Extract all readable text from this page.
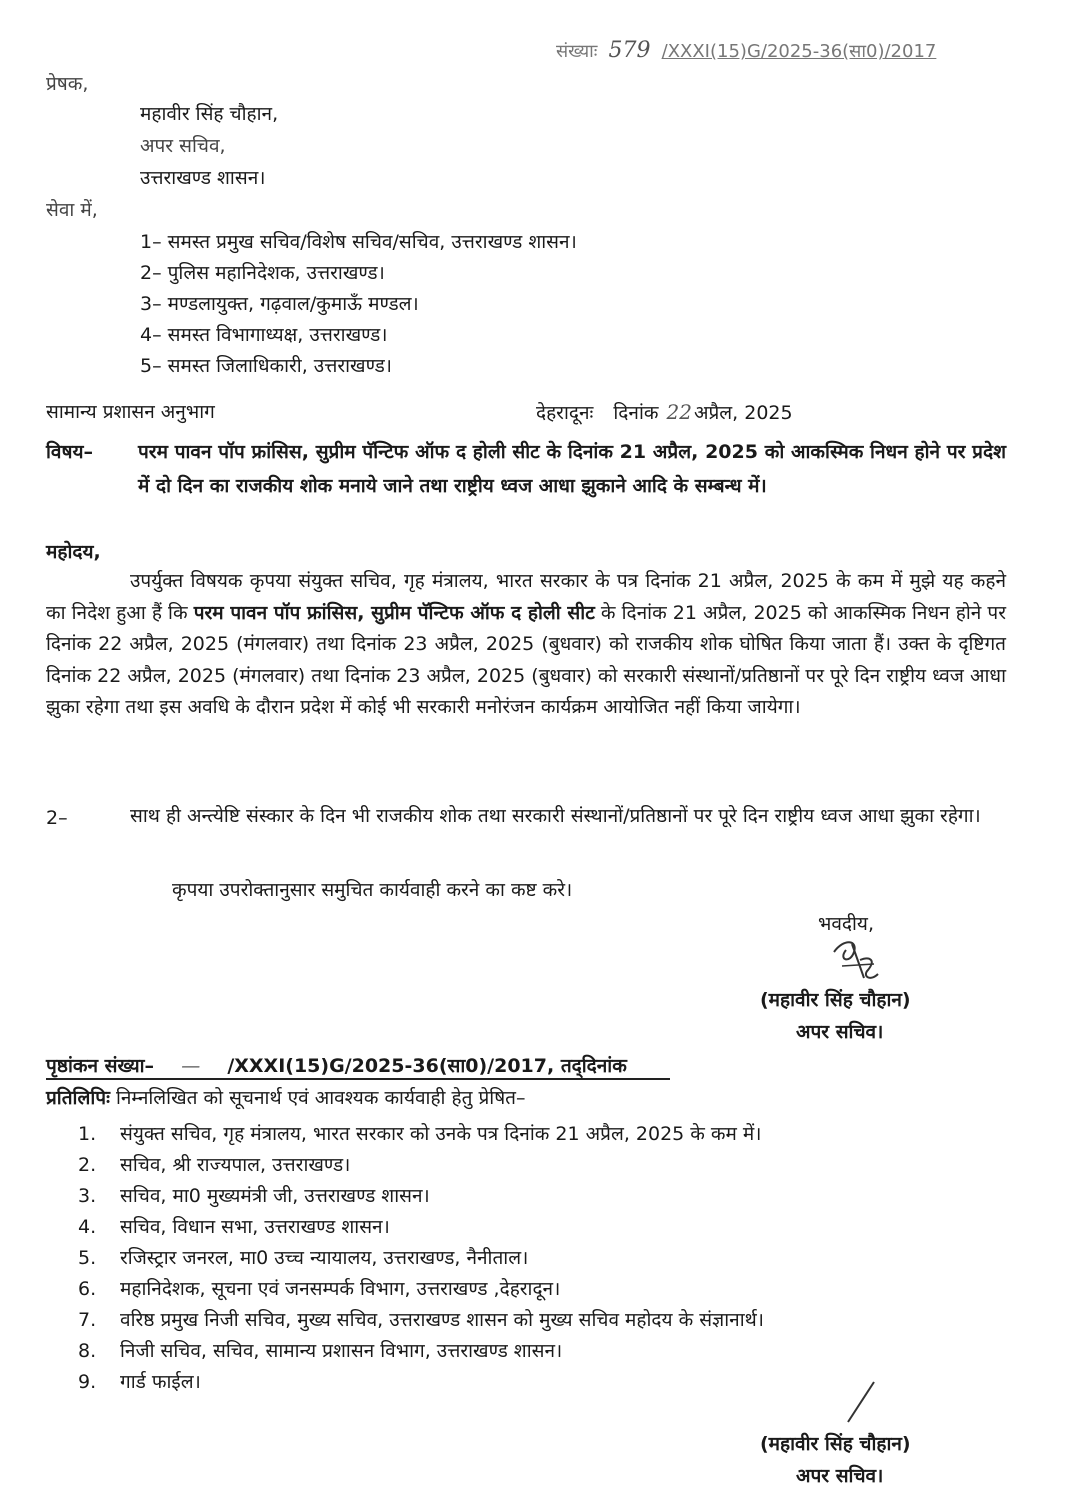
संख्याः 579 /XXXI(15)G/2025-36(सा0)/2017
प्रेषक,
महावीर सिंह चौहान,
अपर सचिव,
उत्तराखण्ड शासन।
सेवा में,
1– समस्त प्रमुख सचिव/विशेष सचिव/सचिव, उत्तराखण्ड शासन।
2– पुलिस महानिदेशक, उत्तराखण्ड।
3– मण्डलायुक्त, गढ़वाल/कुमाऊँ मण्डल।
4– समस्त विभागाध्यक्ष, उत्तराखण्ड।
5– समस्त जिलाधिकारी, उत्तराखण्ड।
सामान्य प्रशासन अनुभाग	देहरादूनः दिनांक 22 अप्रैल, 2025
विषय– परम पावन पॉप फ्रांसिस, सुप्रीम पॅन्टिफ ऑफ द होली सीट के दिनांक 21 अप्रैल, 2025 को आकस्मिक निधन होने पर प्रदेश में दो दिन का राजकीय शोक मनाये जाने तथा राष्ट्रीय ध्वज आधा झुकाने आदि के सम्बन्ध में।
महोदय,
उपर्युक्त विषयक कृपया संयुक्त सचिव, गृह मंत्रालय, भारत सरकार के पत्र दिनांक 21 अप्रैल, 2025 के कम में मुझे यह कहने का निदेश हुआ हैं कि परम पावन पॉप फ्रांसिस, सुप्रीम पॅन्टिफ ऑफ द होली सीट के दिनांक 21 अप्रैल, 2025 को आकस्मिक निधन होने पर दिनांक 22 अप्रैल, 2025 (मंगलवार) तथा दिनांक 23 अप्रैल, 2025 (बुधवार) को राजकीय शोक घोषित किया जाता हैं। उक्त के दृष्टिगत दिनांक 22 अप्रैल, 2025 (मंगलवार) तथा दिनांक 23 अप्रैल, 2025 (बुधवार) को सरकारी संस्थानों/प्रतिष्ठानों पर पूरे दिन राष्ट्रीय ध्वज आधा झुका रहेगा तथा इस अवधि के दौरान प्रदेश में कोई भी सरकारी मनोरंजन कार्यक्रम आयोजित नहीं किया जायेगा।
2–	साथ ही अन्त्येष्टि संस्कार के दिन भी राजकीय शोक तथा सरकारी संस्थानों/प्रतिष्ठानों पर पूरे दिन राष्ट्रीय ध्वज आधा झुका रहेगा।
कृपया उपरोक्तानुसार समुचित कार्यवाही करने का कष्ट करे।
भवदीय,
(महावीर सिंह चौहान)
अपर सचिव।
पृष्ठांकन संख्या– — /XXXI(15)G/2025-36(सा0)/2017, तद्‌दिनांक
प्रतिलिपिः निम्नलिखित को सूचनार्थ एवं आवश्यक कार्यवाही हेतु प्रेषित–
1. संयुक्त सचिव, गृह मंत्रालय, भारत सरकार को उनके पत्र दिनांक 21 अप्रैल, 2025 के कम में।
2. सचिव, श्री राज्यपाल, उत्तराखण्ड।
3. सचिव, मा0 मुख्यमंत्री जी, उत्तराखण्ड शासन।
4. सचिव, विधान सभा, उत्तराखण्ड शासन।
5. रजिस्ट्रार जनरल, मा0 उच्च न्यायालय, उत्तराखण्ड, नैनीताल।
6. महानिदेशक, सूचना एवं जनसम्पर्क विभाग, उत्तराखण्ड ,देहरादून।
7. वरिष्ठ प्रमुख निजी सचिव, मुख्य सचिव, उत्तराखण्ड शासन को मुख्य सचिव महोदय के संज्ञानार्थ।
8. निजी सचिव, सचिव, सामान्य प्रशासन विभाग, उत्तराखण्ड शासन।
9. गार्ड फाईल।
(महावीर सिंह चौहान)
अपर सचिव।
